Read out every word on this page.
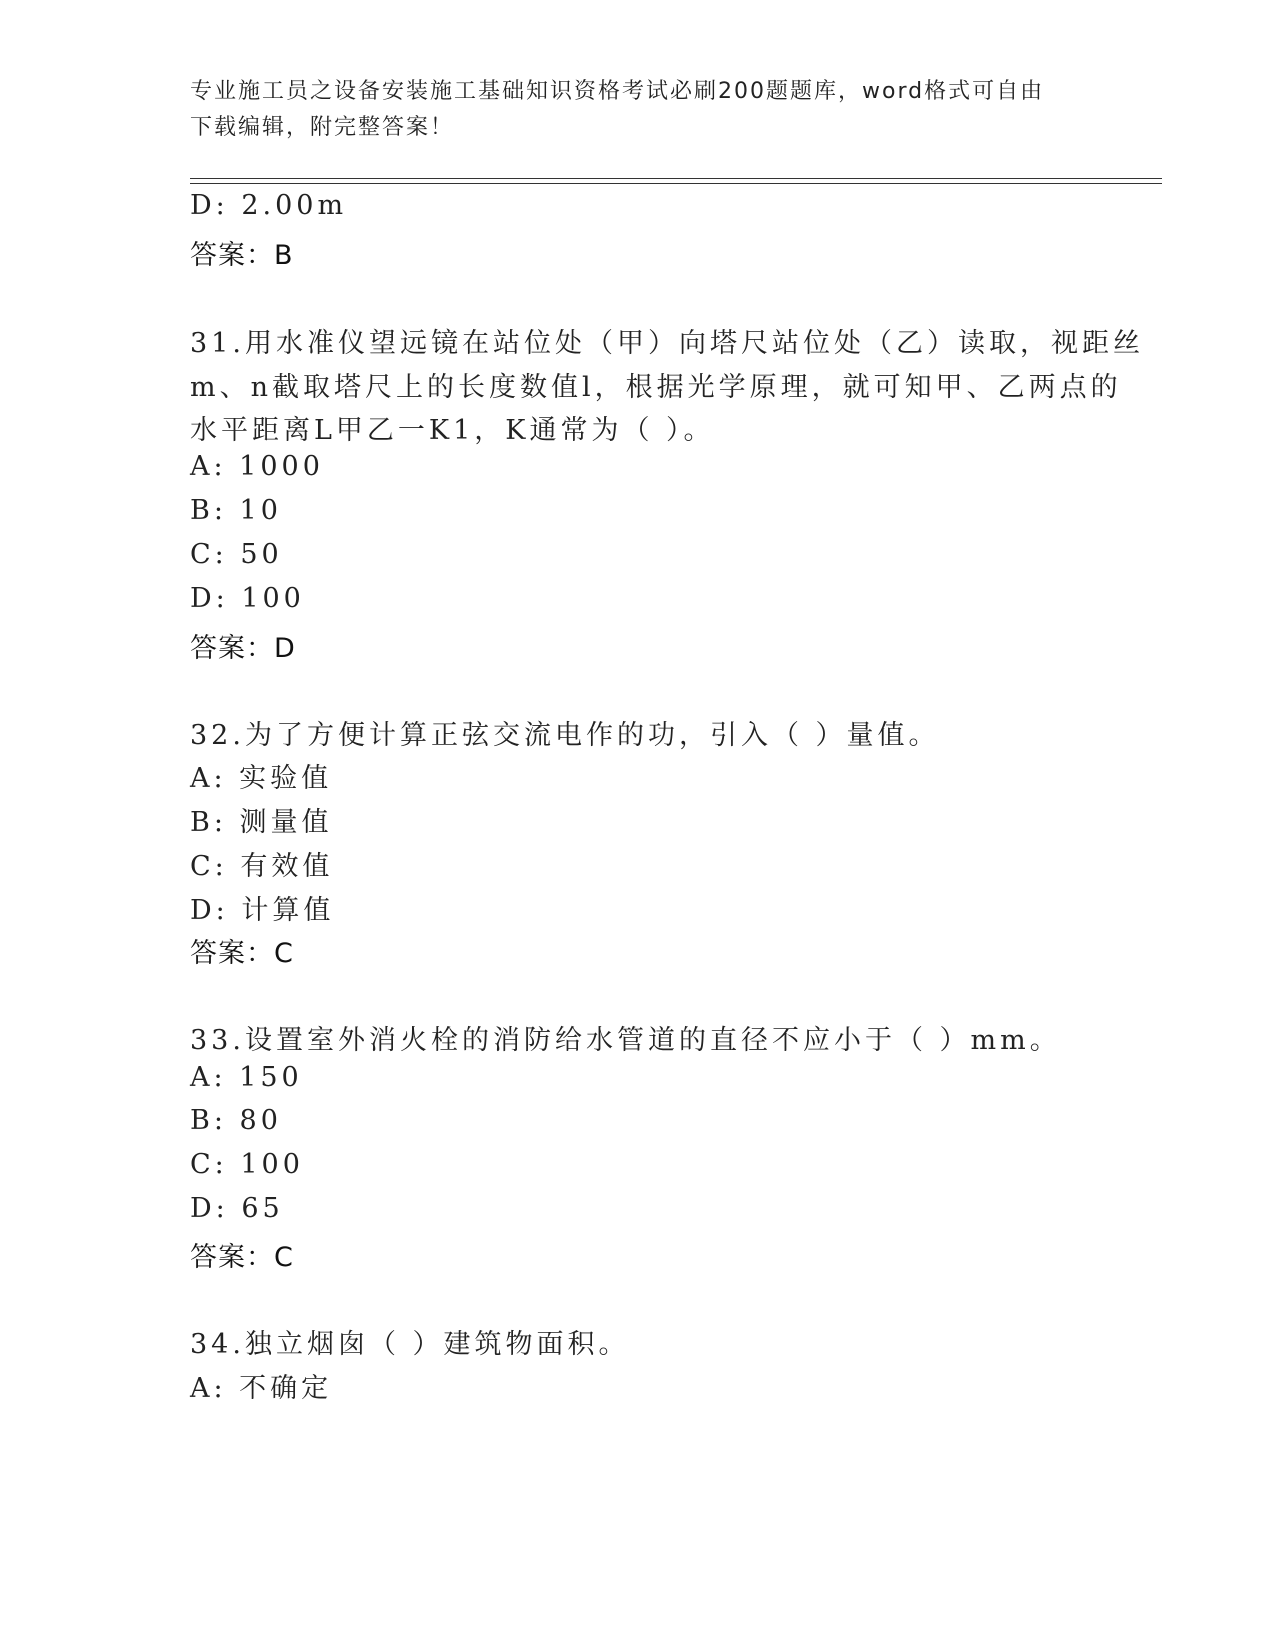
专业施工员之设备安装施工基础知识资格考试必刷200题题库，word格式可自由
下载编辑，附完整答案！
D: 2.00m
答案：B
31.用水准仪望远镜在站位处（甲）向塔尺站位处（乙）读取，视距丝
m、n截取塔尺上的长度数值l，根据光学原理，就可知甲、乙两点的
水平距离L甲乙一K1，K通常为（ ）。
A: 1000
B: 10
C: 50
D: 100
答案：D
32.为了方便计算正弦交流电作的功，引入（ ）量值。
A: 实验值
B: 测量值
C: 有效值
D: 计算值
答案：C
33.设置室外消火栓的消防给水管道的直径不应小于（ ）mm。
A: 150
B: 80
C: 100
D: 65
答案：C
34.独立烟囱（ ）建筑物面积。
A: 不确定
